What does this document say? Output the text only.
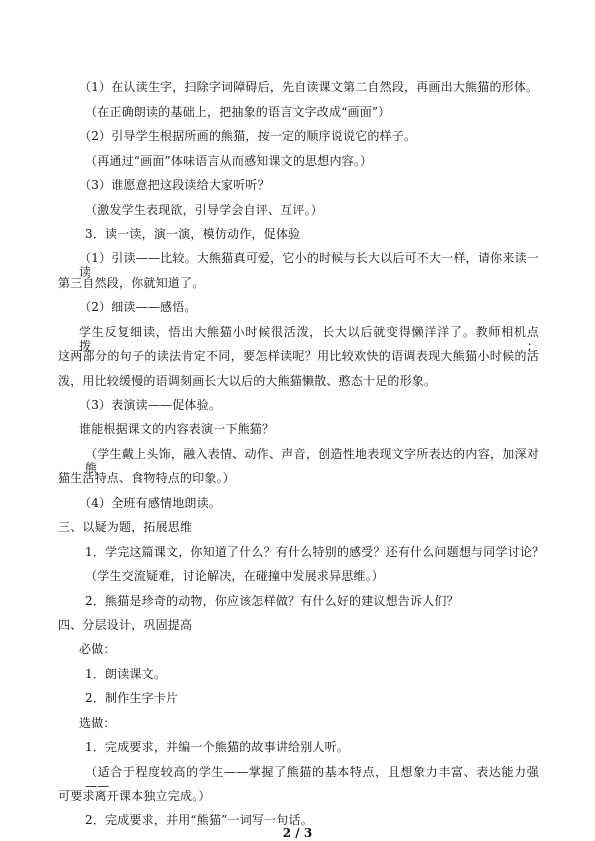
（1）在认读生字，扫除字词障碍后，先自读课文第二自然段，再画出大熊猫的形体。
（在正确朗读的基础上，把抽象的语言文字改成“画面”）
（2）引导学生根据所画的熊猫，按一定的顺序说说它的样子。
（再通过“画面”体味语言从而感知课文的思想内容。）
（3）谁愿意把这段读给大家听听？
（激发学生表现欲，引导学会自评、互评。）
3．读一读，演一演，模仿动作，促体验
（1）引读——比较。大熊猫真可爱，它小的时候与长大以后可不大一样，请你来读一读
第三自然段，你就知道了。
（2）细读——感悟。
学生反复细读，悟出大熊猫小时候很活泼，长大以后就变得懒洋洋了。教师相机点拨：
这两部分的句子的读法肯定不同，要怎样读呢？用比较欢快的语调表现大熊猫小时候的活
泼，用比较缓慢的语调刻画长大以后的大熊猫懒散、憨态十足的形象。
（3）表演读——促体验。
谁能根据课文的内容表演一下熊猫？
（学生戴上头饰，融入表情、动作、声音，创造性地表现文字所表达的内容，加深对熊
猫生活特点、食物特点的印象。）
（4）全班有感情地朗读。
三、以疑为题，拓展思维
1．学完这篇课文，你知道了什么？有什么特别的感受？还有什么问题想与同学讨论？
（学生交流疑难，讨论解决，在碰撞中发展求异思维。）
2．熊猫是珍奇的动物，你应该怎样做？有什么好的建议想告诉人们？
四、分层设计，巩固提高
必做：
1．朗读课文。
2．制作生字卡片
选做：
1．完成要求，并编一个熊猫的故事讲给别人听。
（适合于程度较高的学生——掌握了熊猫的基本特点，且想象力丰富、表达能力强——
可要求离开课本独立完成。）
2．完成要求，并用“熊猫”一词写一句话。
2 / 3
